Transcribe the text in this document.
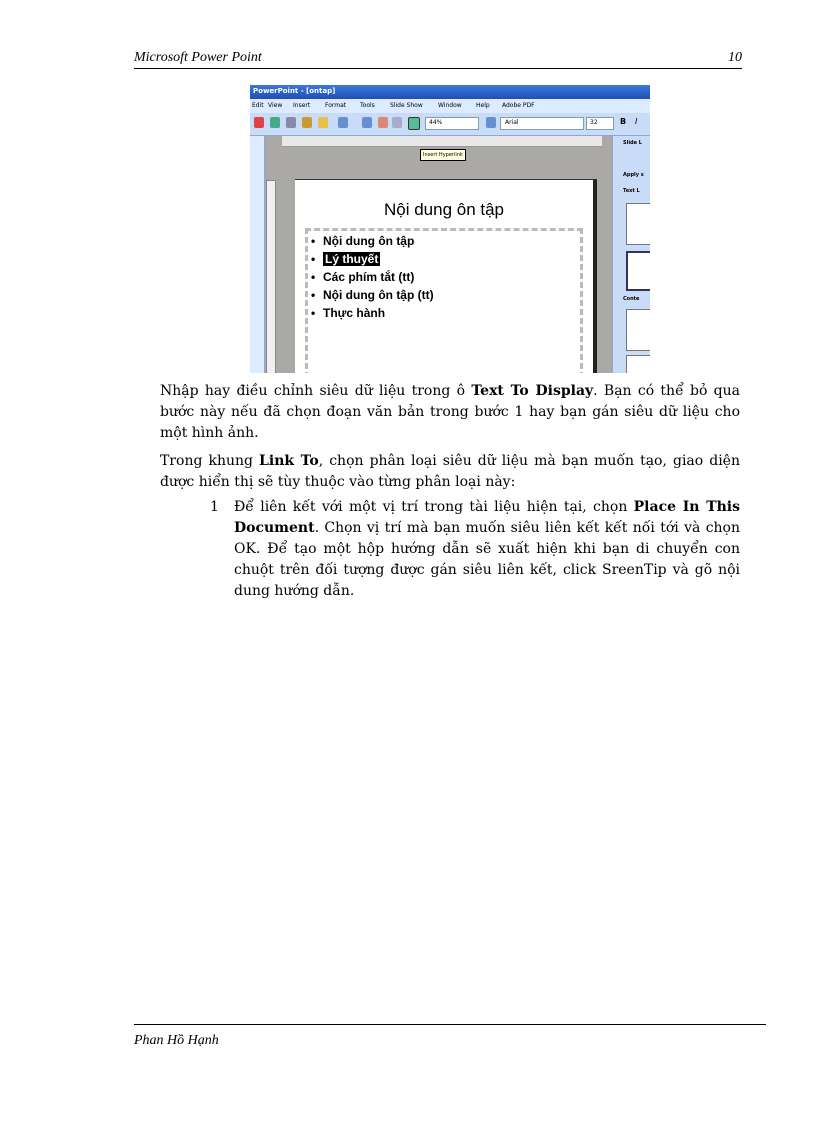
Microsoft Power Point	10
PowerPoint - [ontap]
Edit View Insert Format Tools	Slide Show	Window Help Adobe PDF
44%	Arial	32	B I
Insert Hyperlink
Nội dung ôn tập
• Nội dung ôn tập
• Lý thuyết
• Các phím tắt (tt)
• Nội dung ôn tập (tt)
• Thực hành
Slide L
Apply s
Text L
Conte
Nhập hay điều chỉnh siêu dữ liệu trong ô Text To Display. Bạn có thể bỏ qua bước này nếu đã chọn đoạn văn bản trong bước 1 hay bạn gán siêu dữ liệu cho một hình ảnh.
Trong khung Link To, chọn phân loại siêu dữ liệu mà bạn muốn tạo, giao diện được hiển thị sẽ tùy thuộc vào từng phân loại này:
1 Để liên kết với một vị trí trong tài liệu hiện tại, chọn Place In This Document. Chọn vị trí mà bạn muốn siêu liên kết kết nối tới và chọn OK. Để tạo một hộp hướng dẫn sẽ xuất hiện khi bạn di chuyển con chuột trên đối tượng được gán siêu liên kết, click SreenTip và gõ nội dung hướng dẫn.
Phan Hồ Hạnh
